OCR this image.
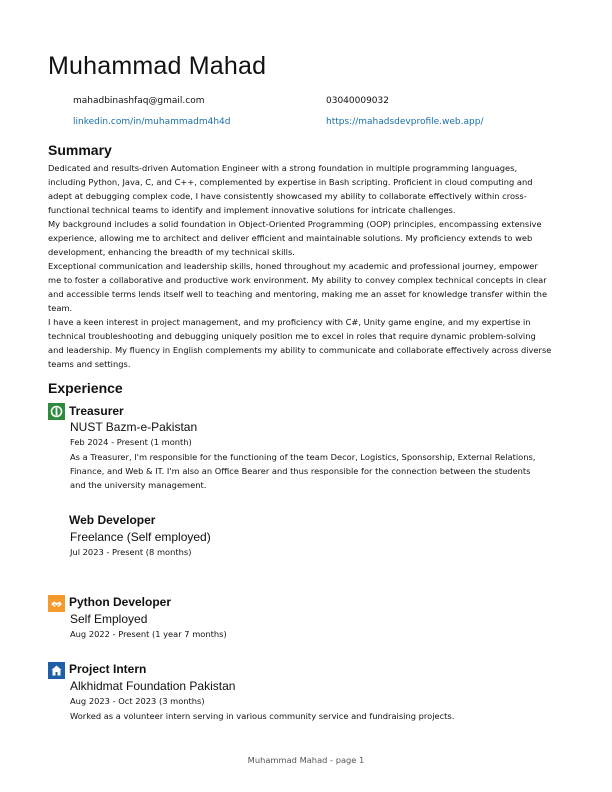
Muhammad Mahad
mahadbinashfaq@gmail.com	03040009032
linkedin.com/in/muhammadm4h4d	https://mahadsdevprofile.web.app/
Summary

Dedicated and results-driven Automation Engineer with a strong foundation in multiple programming languages, including Python, Java, C, and C++, complemented by expertise in Bash scripting. Proficient in cloud computing and adept at debugging complex code, I have consistently showcased my ability to collaborate effectively within cross-functional technical teams to identify and implement innovative solutions for intricate challenges.

My background includes a solid foundation in Object-Oriented Programming (OOP) principles, encompassing extensive experience, allowing me to architect and deliver efficient and maintainable solutions. My proficiency extends to web development, enhancing the breadth of my technical skills.

Exceptional communication and leadership skills, honed throughout my academic and professional journey, empower me to foster a collaborative and productive work environment. My ability to convey complex technical concepts in clear and accessible terms lends itself well to teaching and mentoring, making me an asset for knowledge transfer within the team.

I have a keen interest in project management, and my proficiency with C#, Unity game engine, and my expertise in technical troubleshooting and debugging uniquely position me to excel in roles that require dynamic problem-solving and leadership. My fluency in English complements my ability to communicate and collaborate effectively across diverse teams and settings.

Experience
Treasurer
NUST Bazm-e-Pakistan
Feb 2024 - Present (1 month)
As a Treasurer, I'm responsible for the functioning of the team Decor, Logistics, Sponsorship, External Relations, Finance, and Web & IT. I'm also an Office Bearer and thus responsible for the connection between the students and the university management.
Web Developer
Freelance (Self employed)
Jul 2023 - Present (8 months)
Python Developer
Self Employed
Aug 2022 - Present (1 year 7 months)
Project Intern
Alkhidmat Foundation Pakistan
Aug 2023 - Oct 2023 (3 months)
Worked as a volunteer intern serving in various community service and fundraising projects.
Muhammad Mahad - page 1
